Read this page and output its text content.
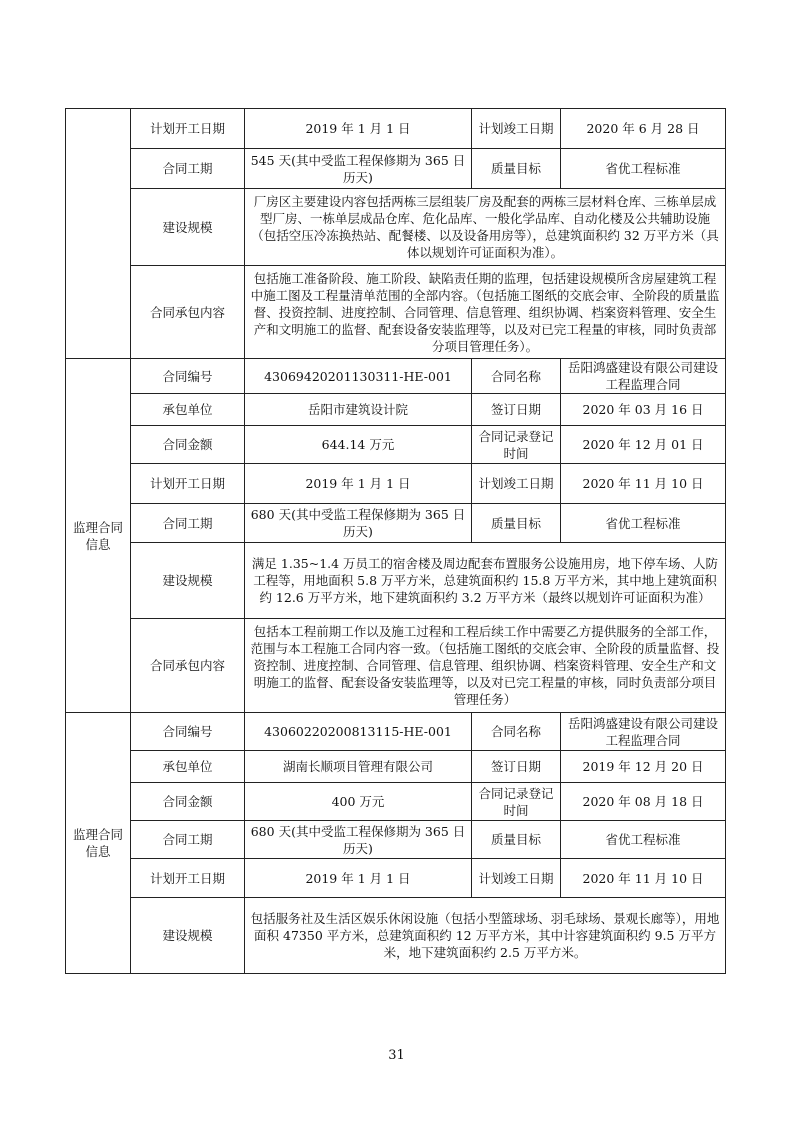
	计划开工日期	2019 年 1 月 1 日	计划竣工日期	2020 年 6 月 28 日
	合同工期	545 天(其中受监工程保修期为 365 日历天)	质量目标	省优工程标准
	建设规模	厂房区主要建设内容包括两栋三层组装厂房及配套的两栋三层材料仓库、三栋单层成型厂房、一栋单层成品仓库、危化品库、一般化学品库、自动化楼及公共辅助设施（包括空压冷冻换热站、配餐楼、以及设备用房等），总建筑面积约 32 万平方米（具体以规划许可证面积为准）。		
	合同承包内容	包括施工准备阶段、施工阶段、缺陷责任期的监理，包括建设规模所含房屋建筑工程中施工图及工程量清单范围的全部内容。（包括施工图纸的交底会审、全阶段的质量监督、投资控制、进度控制、合同管理、信息管理、组织协调、档案资料管理、安全生产和文明施工的监督、配套设备安装监理等，以及对已完工程量的审核，同时负责部分项目管理任务）。		
监理合同信息	合同编号	43069420201130311-HE-001	合同名称	岳阳鸿盛建设有限公司建设工程监理合同
	承包单位	岳阳市建筑设计院	签订日期	2020 年 03 月 16 日
	合同金额	644.14 万元	合同记录登记时间	2020 年 12 月 01 日
	计划开工日期	2019 年 1 月 1 日	计划竣工日期	2020 年 11 月 10 日
	合同工期	680 天(其中受监工程保修期为 365 日历天)	质量目标	省优工程标准
	建设规模	满足 1.35~1.4 万员工的宿舍楼及周边配套布置服务公设施用房，地下停车场、人防工程等，用地面积 5.8 万平方米，总建筑面积约 15.8 万平方米，其中地上建筑面积约 12.6 万平方米，地下建筑面积约 3.2 万平方米（最终以规划许可证面积为准）		
	合同承包内容	包括本工程前期工作以及施工过程和工程后续工作中需要乙方提供服务的全部工作，范围与本工程施工合同内容一致。（包括施工图纸的交底会审、全阶段的质量监督、投资控制、进度控制、合同管理、信息管理、组织协调、档案资料管理、安全生产和文明施工的监督、配套设备安装监理等，以及对已完工程量的审核，同时负责部分项目管理任务）		
监理合同信息	合同编号	43060220200813115-HE-001	合同名称	岳阳鸿盛建设有限公司建设工程监理合同
	承包单位	湖南长顺项目管理有限公司	签订日期	2019 年 12 月 20 日
	合同金额	400 万元	合同记录登记时间	2020 年 08 月 18 日
	合同工期	680 天(其中受监工程保修期为 365 日历天)	质量目标	省优工程标准
	计划开工日期	2019 年 1 月 1 日	计划竣工日期	2020 年 11 月 10 日
	建设规模	包括服务社及生活区娱乐休闲设施（包括小型篮球场、羽毛球场、景观长廊等），用地面积 47350 平方米，总建筑面积约 12 万平方米，其中计容建筑面积约 9.5 万平方米，地下建筑面积约 2.5 万平方米。		
31
